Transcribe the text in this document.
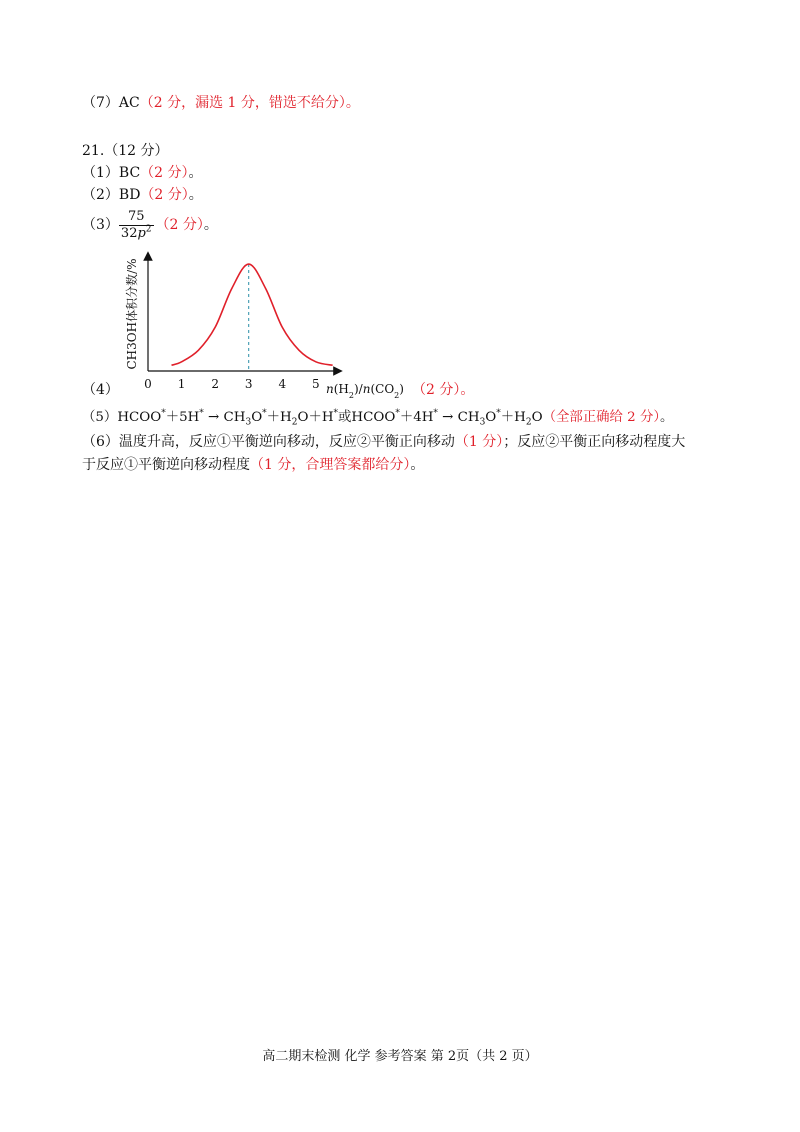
（7）AC（2 分，漏选 1 分，错选不给分）。
21.（12 分）
（1）BC（2 分）。
（2）BD（2 分）。
$(3) \frac{75}{32p^2} (2$ 分）。
CH3OH体积分数/%
0 1 2 3 4 5 $n(H_2)/n(CO_2)$
（4）	（2 分）。
（5）HCOO*＋5H* → $CH_3O^*+H_2O+H^*$或HCOO*＋4H* → $CH_3O^*+H_2O$（全部正确给 2 分）。
（6）温度升高，反应①平衡逆向移动，反应②平衡正向移动（1 分）；反应②平衡正向移动程度大
于反应①平衡逆向移动程度（1 分，合理答案都给分）。
高二期末检测 化学 参考答案 第 2页（共 2 页）
